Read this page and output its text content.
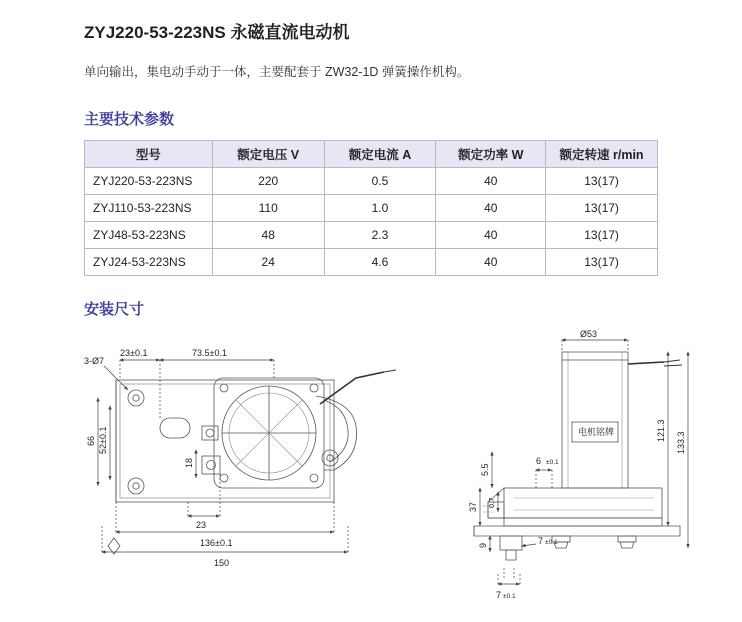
ZYJ220-53-223NS 永磁直流电动机
单向输出，集电动手动于一体，主要配套于 ZW32-1D 弹簧操作机构。
主要技术参数
型号	额定电压 V	额定电流 A	额定功率 W	额定转速 r/min
ZYJ220-53-223NS	220	0.5	40	13(17)
ZYJ110-53-223NS	110	1.0	40	13(17)
ZYJ48-53-223NS	48	2.3	40	13(17)
ZYJ24-53-223NS	24	4.6	40	13(17)
安装尺寸
3-Ø7
23±0.1	73.5±0.1
66 52±0.1
18
23
136±0.1
150
Ø53
电机铭牌	121.3
133.3
5.5
6 ±0.1
37 0.7
9	7 ±0.1
7 ±0.1
